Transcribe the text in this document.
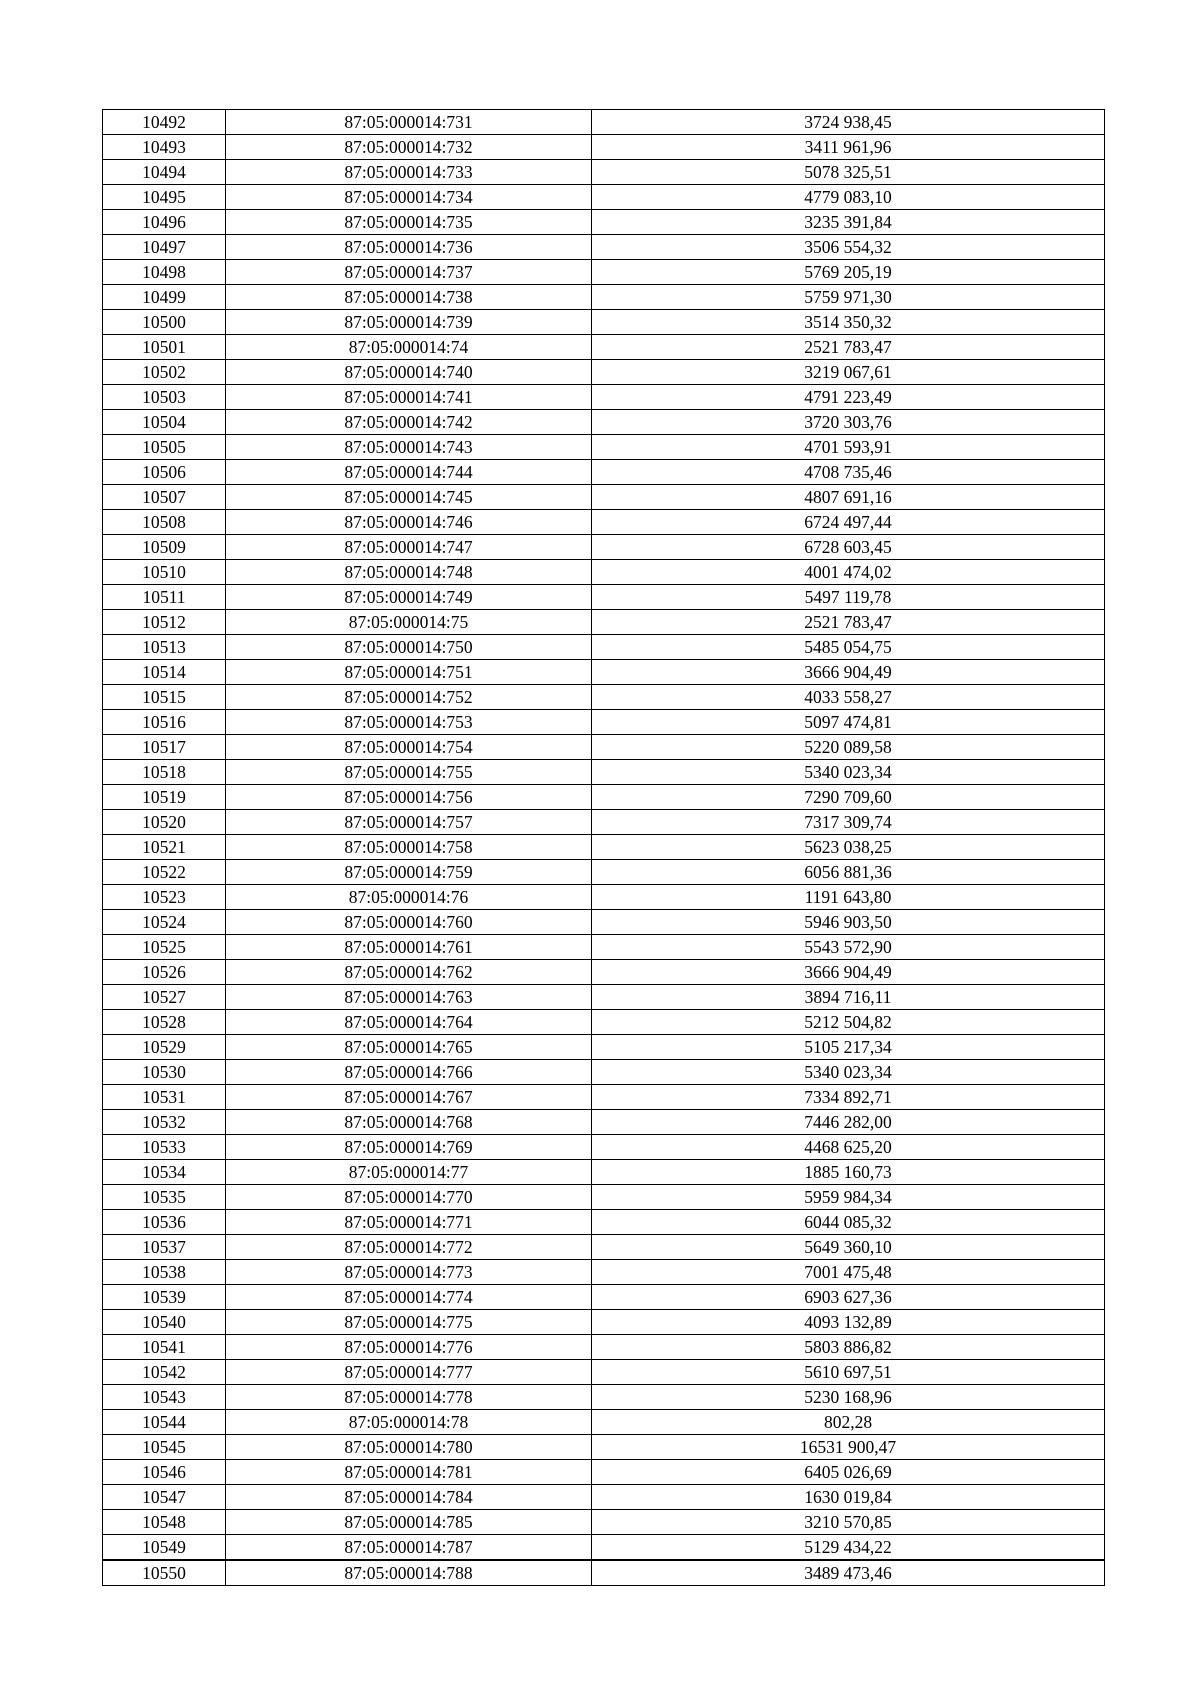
10492	87:05:000014:731	3724 938,45
10493	87:05:000014:732	3411 961,96
10494	87:05:000014:733	5078 325,51
10495	87:05:000014:734	4779 083,10
10496	87:05:000014:735	3235 391,84
10497	87:05:000014:736	3506 554,32
10498	87:05:000014:737	5769 205,19
10499	87:05:000014:738	5759 971,30
10500	87:05:000014:739	3514 350,32
10501	87:05:000014:74	2521 783,47
10502	87:05:000014:740	3219 067,61
10503	87:05:000014:741	4791 223,49
10504	87:05:000014:742	3720 303,76
10505	87:05:000014:743	4701 593,91
10506	87:05:000014:744	4708 735,46
10507	87:05:000014:745	4807 691,16
10508	87:05:000014:746	6724 497,44
10509	87:05:000014:747	6728 603,45
10510	87:05:000014:748	4001 474,02
10511	87:05:000014:749	5497 119,78
10512	87:05:000014:75	2521 783,47
10513	87:05:000014:750	5485 054,75
10514	87:05:000014:751	3666 904,49
10515	87:05:000014:752	4033 558,27
10516	87:05:000014:753	5097 474,81
10517	87:05:000014:754	5220 089,58
10518	87:05:000014:755	5340 023,34
10519	87:05:000014:756	7290 709,60
10520	87:05:000014:757	7317 309,74
10521	87:05:000014:758	5623 038,25
10522	87:05:000014:759	6056 881,36
10523	87:05:000014:76	1191 643,80
10524	87:05:000014:760	5946 903,50
10525	87:05:000014:761	5543 572,90
10526	87:05:000014:762	3666 904,49
10527	87:05:000014:763	3894 716,11
10528	87:05:000014:764	5212 504,82
10529	87:05:000014:765	5105 217,34
10530	87:05:000014:766	5340 023,34
10531	87:05:000014:767	7334 892,71
10532	87:05:000014:768	7446 282,00
10533	87:05:000014:769	4468 625,20
10534	87:05:000014:77	1885 160,73
10535	87:05:000014:770	5959 984,34
10536	87:05:000014:771	6044 085,32
10537	87:05:000014:772	5649 360,10
10538	87:05:000014:773	7001 475,48
10539	87:05:000014:774	6903 627,36
10540	87:05:000014:775	4093 132,89
10541	87:05:000014:776	5803 886,82
10542	87:05:000014:777	5610 697,51
10543	87:05:000014:778	5230 168,96
10544	87:05:000014:78	802,28
10545	87:05:000014:780	16531 900,47
10546	87:05:000014:781	6405 026,69
10547	87:05:000014:784	1630 019,84
10548	87:05:000014:785	3210 570,85
10549	87:05:000014:787	5129 434,22
10550	87:05:000014:788	3489 473,46
